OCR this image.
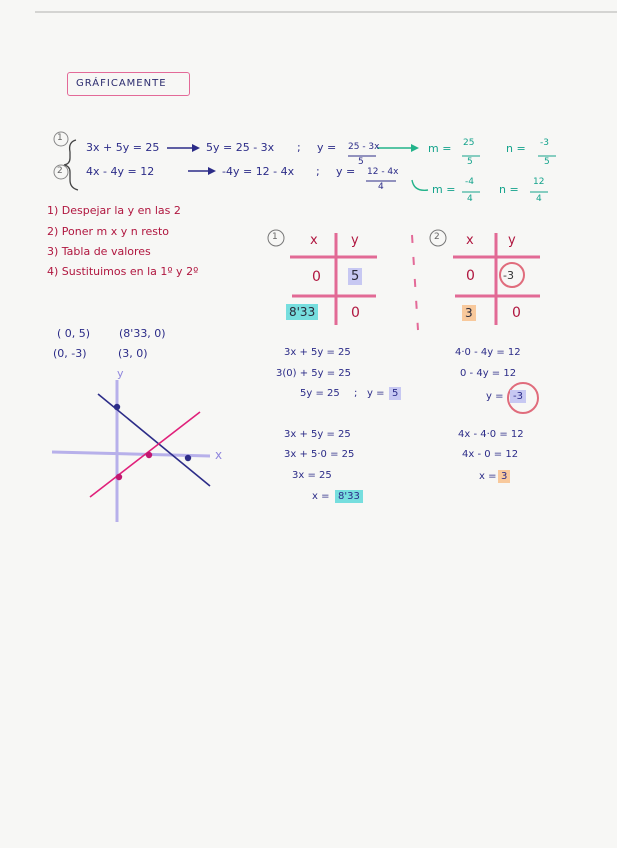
GRÁFICAMENTE
1
2
3x + 5y = 25	5y = 25 - 3x ; y = 25 - 3x
5
m = 25
5
n = -3
5
4x - 4y = 12	-4y = 12 - 4x ; y = 12 - 4x
4	m =
-4
4
n =
12
4
1) Despejar la y en las 2
2) Poner m x y n resto
3) Tabla de valores
4) Sustituimos en la 1º y 2º
1 x	y
0 5
8'33	0
2 x	y
0	-3
3	0
( 0, 5)	(8'33, 0)
(0, -3)	(3, 0)
y
x
3x + 5y = 25
3(0) + 5y = 25
5y = 25 ; y = 5
3x + 5y = 25
3x + 5·0 = 25
3x = 25
x = 8'33
4·0 - 4y = 12
0 - 4y = 12
y = -3
4x - 4·0 = 12
4x - 0 = 12
x = 3
